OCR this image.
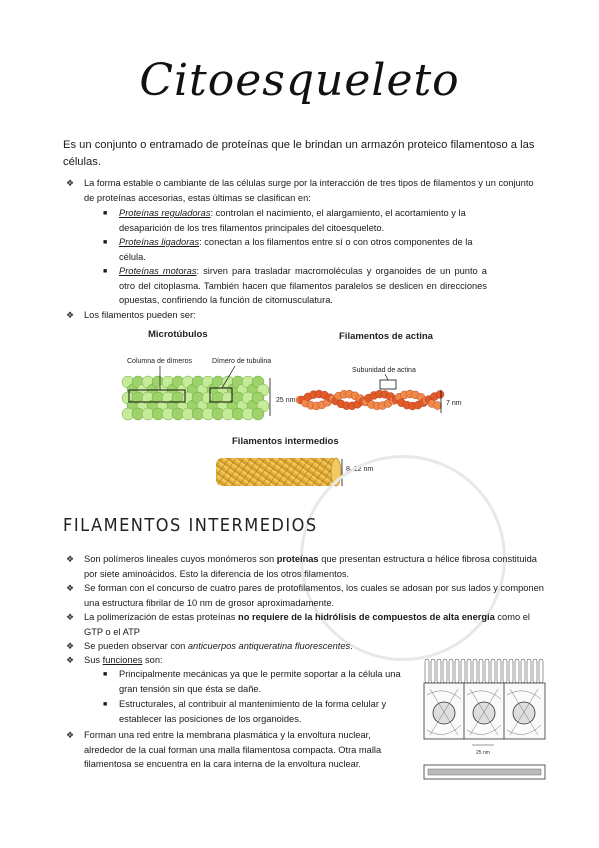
Citoesqueleto
Es un conjunto o entramado de proteínas que le brindan un armazón proteico filamentoso a las células.
❖ La forma estable o cambiante de las células surge por la interacción de tres tipos de filamentos y un conjunto de proteínas accesorias, estas últimas se clasifican en:
■ Proteínas reguladoras: controlan el nacimiento, el alargamiento, el acortamiento y la desaparición de los tres filamentos principales del citoesqueleto.
■ Proteínas ligadoras: conectan a los filamentos entre sí o con otros componentes de la célula.
■ Proteínas motoras: sirven para trasladar macromoléculas y organoides de un punto a otro del citoplasma. También hacen que filamentos paralelos se deslicen en direcciones opuestas, confiriendo la función de citomusculatura.
❖ Los filamentos pueden ser:
Microtúbulos
Columna de dímeros	Dímero de tubulina
25 nm
Filamentos de actina
Subunidad de actina
7 nm
Filamentos intermedios
8–12 nm
FILAMENTOS INTERMEDIOS
❖ Son polímeros lineales cuyos monómeros son proteínas que presentan estructura α hélice fibrosa constituida por siete aminoácidos. Esto la diferencia de los otros filamentos.
❖ Se forman con el concurso de cuatro pares de protofilamentos, los cuales se adosan por sus lados y componen una estructura fibrilar de 10 nm de grosor aproximadamente.
❖ La polimerización de estas proteínas no requiere de la hidrólisis de compuestos de alta energía como el GTP o el ATP
❖ Se pueden observar con anticuerpos antiqueratina fluorescentes.
❖ Sus funciones son:
■ Principalmente mecánicas ya que le permite soportar a la célula una gran tensión sin que ésta se dañe.
■ Estructurales, al contribuir al mantenimiento de la forma celular y establecer las posiciones de los organoides.
❖ Forman una red entre la membrana plasmática y la envoltura nuclear, alrededor de la cual forman una malla filamentosa compacta. Otra malla filamentosa se encuentra en la cara interna de la envoltura nuclear.
25 nm
